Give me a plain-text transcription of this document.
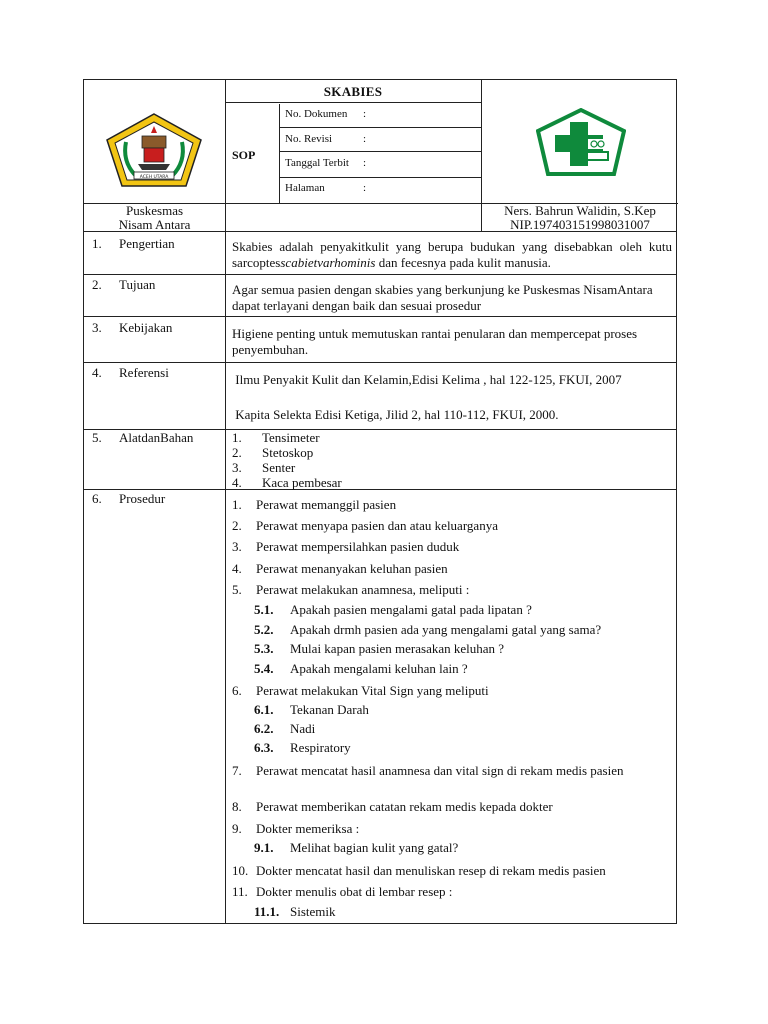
SKABIES
SOP
No. Dokumen :
No. Revisi	:
Tanggal Terbit :
Halaman	:
Puskesmas
Nisam Antara
Ners. Bahrun Walidin, S.Kep
NIP.197403151998031007
ACEH UTARA
1. Pengertian	Skabies adalah penyakitkulit yang berupa budukan yang disebabkan oleh kutu sarcoptesscabietvarhominis dan fecesnya pada kulit manusia.
2. Tujuan	Agar semua pasien dengan skabies yang berkunjung ke Puskesmas NisamAntara dapat terlayani dengan baik dan sesuai prosedur
3. Kebijakan	Higiene penting untuk memutuskan rantai penularan dan mempercepat proses penyembuhan.
4. Referensi	Ilmu Penyakit Kulit dan Kelamin,Edisi Kelima , hal 122-125, FKUI, 2007
Kapita Selekta Edisi Ketiga, Jilid 2, hal 110-112, FKUI, 2000.
5. AlatdanBahan	1. Tensimeter
2. Stetoskop
3. Senter
4. Kaca pembesar
6. Prosedur	1. Perawat memanggil pasien
2. Perawat menyapa pasien dan atau keluarganya
3. Perawat mempersilahkan pasien duduk
4. Perawat menanyakan keluhan pasien
5. Perawat melakukan anamnesa, meliputi :
5.1. Apakah pasien mengalami gatal pada lipatan ?
5.2. Apakah drmh pasien ada yang mengalami gatal yang sama?
5.3. Mulai kapan pasien merasakan keluhan ?
5.4. Apakah mengalami keluhan lain ?
6. Perawat melakukan Vital Sign yang meliputi
6.1. Tekanan Darah
6.2. Nadi
6.3. Respiratory
7. Perawat mencatat hasil anamnesa dan vital sign di rekam medis pasien
8. Perawat memberikan catatan rekam medis kepada dokter
9. Dokter memeriksa :
9.1. Melihat bagian kulit yang gatal?
10. Dokter mencatat hasil dan menuliskan resep di rekam medis pasien
11. Dokter menulis obat di lembar resep :
11.1. Sistemik
